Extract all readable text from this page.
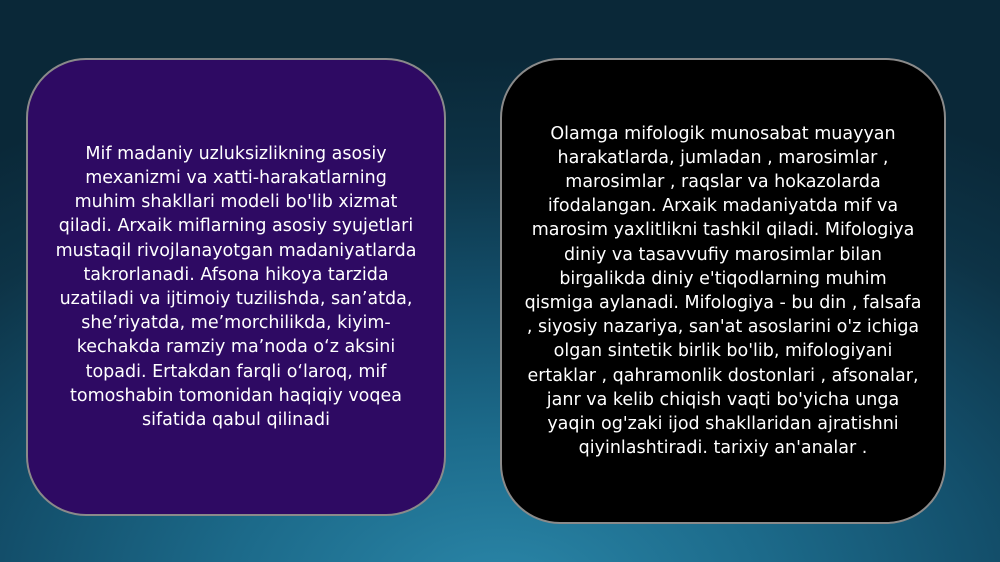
Mif madaniy uzluksizlikning asosiy mexanizmi va xatti-harakatlarning muhim shakllari modeli bo'lib xizmat qiladi. Arxaik miflarning asosiy syujetlari mustaqil rivojlanayotgan madaniyatlarda takrorlanadi. Afsona hikoya tarzida uzatiladi va ijtimoiy tuzilishda, san’atda, she’riyatda, me’morchilikda, kiyim-kechakda ramziy ma’noda o‘z aksini topadi. Ertakdan farqli o‘laroq, mif tomoshabin tomonidan haqiqiy voqea sifatida qabul qilinadi

Olamga mifologik munosabat muayyan harakatlarda, jumladan , marosimlar , marosimlar , raqslar va hokazolarda ifodalangan. Arxaik madaniyatda mif va marosim yaxlitlikni tashkil qiladi. Mifologiya diniy va tasavvufiy marosimlar bilan birgalikda diniy e'tiqodlarning muhim qismiga aylanadi. Mifologiya - bu din , falsafa , siyosiy nazariya, san'at asoslarini o'z ichiga olgan sintetik birlik bo'lib, mifologiyani ertaklar , qahramonlik dostonlari , afsonalar, janr va kelib chiqish vaqti bo'yicha unga yaqin og'zaki ijod shakllaridan ajratishni qiyinlashtiradi. tarixiy an'analar .
